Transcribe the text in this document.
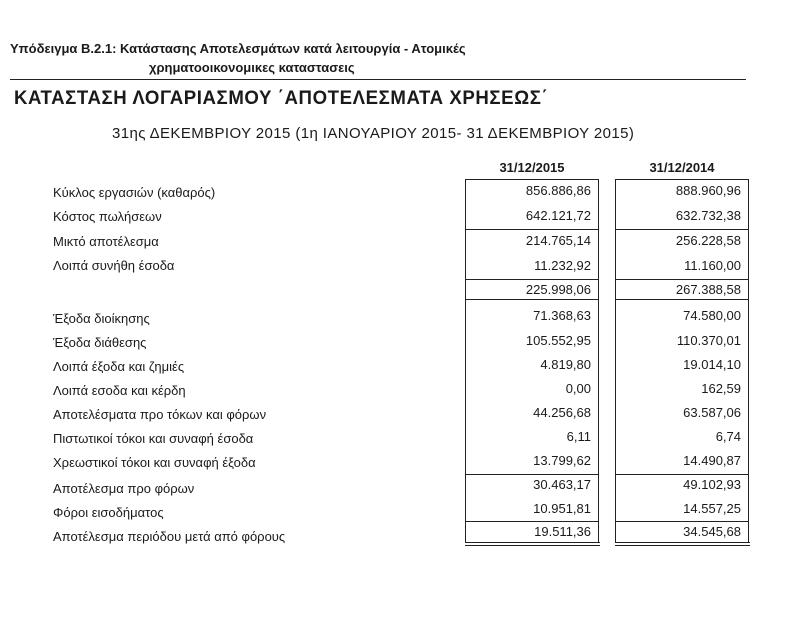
Υπόδειγμα Β.2.1: Κατάστασης Αποτελεσμάτων κατά λειτουργία - Ατομικές
χρηματοοικονομικες καταστασεις
ΚΑΤΑΣΤΑΣΗ ΛΟΓΑΡΙΑΣΜΟΥ ΄ΑΠΟΤΕΛΕΣΜΑΤΑ ΧΡΗΣΕΩΣ΄
31ης ΔΕΚΕΜΒΡΙΟΥ 2015 (1η ΙΑΝΟΥΑΡΙΟΥ 2015- 31 ΔΕΚΕΜΒΡΙΟΥ 2015)
31/12/2015	31/12/2014
Κύκλος εργασιών (καθαρός)	856.886,86	888.960,96
Κόστος πωλήσεων	642.121,72	632.732,38
Μικτό αποτέλεσμα	214.765,14	256.228,58
Λοιπά συνήθη έσοδα	11.232,92	11.160,00
225.998,06	267.388,58
Έξοδα διοίκησης	71.368,63	74.580,00
Έξοδα διάθεσης	105.552,95	110.370,01
Λοιπά έξοδα και ζημιές	4.819,80	19.014,10
Λοιπά εσοδα και κέρδη	0,00	162,59
Αποτελέσματα προ τόκων και φόρων	44.256,68	63.587,06
Πιστωτικοί τόκοι και συναφή έσοδα	6,11	6,74
Χρεωστικοί τόκοι και συναφή έξοδα	13.799,62	14.490,87
Αποτέλεσμα προ φόρων	30.463,17	49.102,93
Φόροι εισοδήματος	10.951,81	14.557,25
Αποτέλεσμα περιόδου μετά από φόρους	19.511,36	34.545,68
